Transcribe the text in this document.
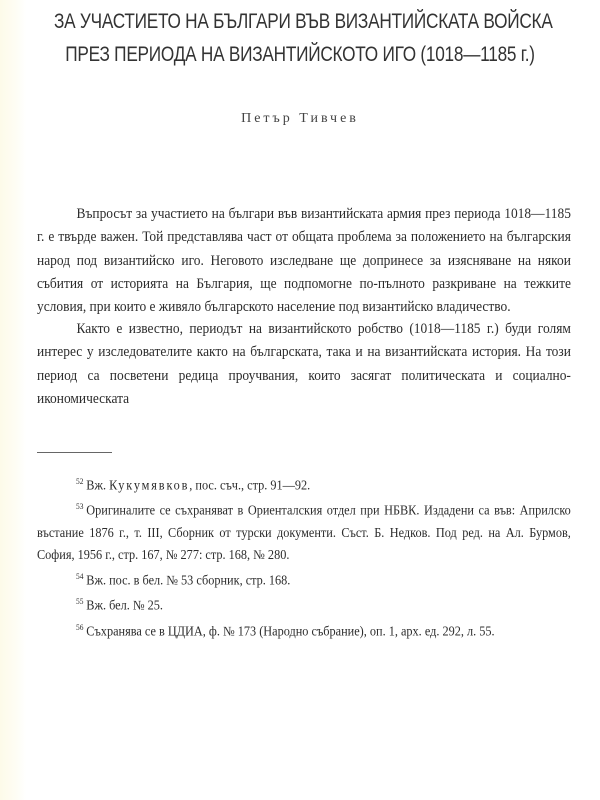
ЗА УЧАСТИЕТО НА БЪЛГАРИ ВЪВ ВИЗАНТИЙСКАТА ВОЙСКА
ПРЕЗ ПЕРИОДА НА ВИЗАНТИЙСКОТО ИГО (1018—1185 г.)
Петър Тивчев

Въпросът за участието на българи във византийската армия през периода 1018—1185 г. е твърде важен. Той представлява част от общата проблема за положението на българския народ под византийско иго. Неговото изследване ще допринесе за изясняване на някои събития от историята на България, ще подпомогне по-пълното разкриване на тежките условия, при които е живяло българското население под византийско владичество.

Както е известно, периодът на византийското робство (1018—1185 г.) буди голям интерес у изследователите както на българската, така и на византийската история. На този период са посветени редица проучвания, които засягат политическата и социално-икономическата

$^{52}$ Вж. Кукумявков, пос. съч., стр. 91—92.

$^{53}$ Оригиналите се съхраняват в Ориенталския отдел при НБВК. Издадени са във: Априлско въстание 1876 г., т. III, Сборник от турски документи. Съст. Б. Недков. Под ред. на Ал. Бурмов, София, 1956 г., стр. 167, № 277: стр. 168, № 280.

$^{54}$ Вж. пос. в бел. № 53 сборник, стр. 168.

$^{55}$ Вж. бел. № 25.

$^{56}$ Съхранява се в ЦДИА, ф. № 173 (Народно събрание), оп. 1, арх. ед. 292, л. 55.
